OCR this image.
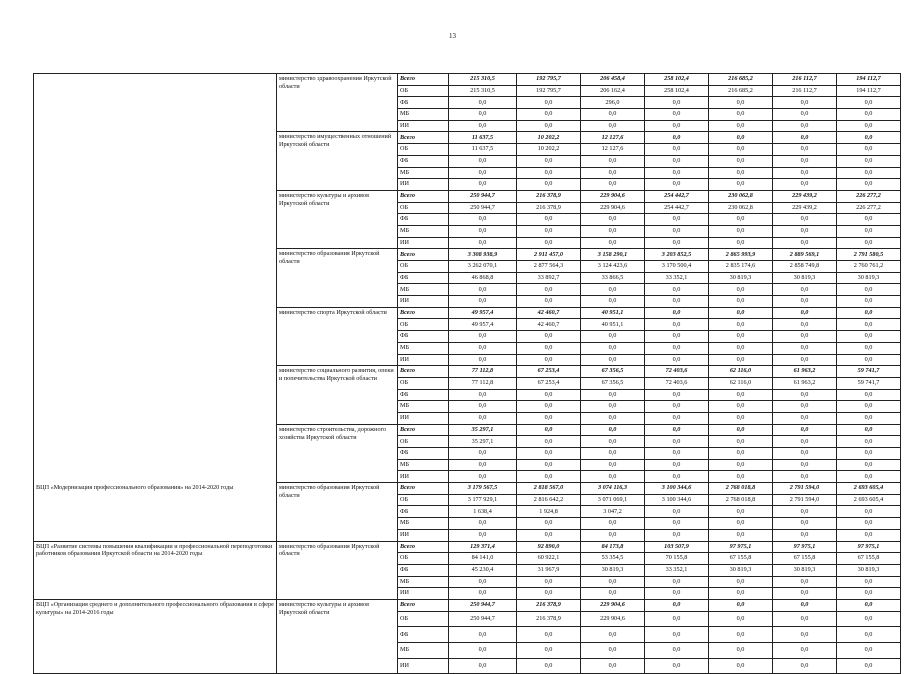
13
	министерство здравоохранения Иркутской области	Всего	215 310,5	192 795,7	206 458,4	258 102,4	216 685,2	216 112,7	194 112,7
		ОБ	215 310,5	192 795,7	206 162,4	258 102,4	216 685,2	216 112,7	194 112,7
		ФБ	0,0	0,0	296,0	0,0	0,0	0,0	0,0
		МБ	0,0	0,0	0,0	0,0	0,0	0,0	0,0
		ИИ	0,0	0,0	0,0	0,0	0,0	0,0	0,0
	министерство имущественных отношений Иркутской области	Всего	11 637,5	10 202,2	12 127,6	0,0	0,0	0,0	0,0
		ОБ	11 637,5	10 202,2	12 127,6	0,0	0,0	0,0	0,0
		ФБ	0,0	0,0	0,0	0,0	0,0	0,0	0,0
		МБ	0,0	0,0	0,0	0,0	0,0	0,0	0,0
		ИИ	0,0	0,0	0,0	0,0	0,0	0,0	0,0
	министерство культуры и архивов Иркутской области	Всего	250 944,7	216 378,9	229 904,6	254 442,7	230 062,8	229 439,2	226 277,2
		ОБ	250 944,7	216 378,9	229 904,6	254 442,7	230 062,8	229 439,2	226 277,2
		ФБ	0,0	0,0	0,0	0,0	0,0	0,0	0,0
		МБ	0,0	0,0	0,0	0,0	0,0	0,0	0,0
		ИИ	0,0	0,0	0,0	0,0	0,0	0,0	0,0
	министерство образования Иркутской области	Всего	3 308 938,9	2 911 457,0	3 158 290,1	3 203 852,5	2 865 993,9	2 889 569,1	2 791 580,5
		ОБ	3 262 070,1	2 877 564,3	3 124 423,6	3 170 500,4	2 835 174,6	2 858 749,8	2 760 761,2
		ФБ	46 868,8	33 892,7	33 866,5	33 352,1	30 819,3	30 819,3	30 819,3
		МБ	0,0	0,0	0,0	0,0	0,0	0,0	0,0
		ИИ	0,0	0,0	0,0	0,0	0,0	0,0	0,0
	министерство спорта Иркутской области	Всего	49 957,4	42 460,7	40 951,1	0,0	0,0	0,0	0,0
		ОБ	49 957,4	42 460,7	40 951,1	0,0	0,0	0,0	0,0
		ФБ	0,0	0,0	0,0	0,0	0,0	0,0	0,0
		МБ	0,0	0,0	0,0	0,0	0,0	0,0	0,0
		ИИ	0,0	0,0	0,0	0,0	0,0	0,0	0,0
	министерство социального развития, опеки и попечительства Иркутской области	Всего	77 112,8	67 253,4	67 356,5	72 403,6	62 116,0	61 963,2	59 741,7
		ОБ	77 112,8	67 253,4	67 356,5	72 403,6	62 116,0	61 963,2	59 741,7
		ФБ	0,0	0,0	0,0	0,0	0,0	0,0	0,0
		МБ	0,0	0,0	0,0	0,0	0,0	0,0	0,0
		ИИ	0,0	0,0	0,0	0,0	0,0	0,0	0,0
	министерство строительства, дорожного хозяйства Иркутской области	Всего	35 297,1	0,0	0,0	0,0	0,0	0,0	0,0
		ОБ	35 297,1	0,0	0,0	0,0	0,0	0,0	0,0
		ФБ	0,0	0,0	0,0	0,0	0,0	0,0	0,0
		МБ	0,0	0,0	0,0	0,0	0,0	0,0	0,0
		ИИ	0,0	0,0	0,0	0,0	0,0	0,0	0,0
ВЦП «Модернизация профессионального образования» на 2014-2020 годы	министерство образования Иркутской области	Всего	3 179 567,5	2 818 567,0	3 074 116,3	3 100 344,6	2 768 018,8	2 791 594,0	2 693 605,4
		ОБ	3 177 929,1	2 816 642,2	3 071 069,1	3 100 344,6	2 768 018,8	2 791 594,0	2 693 605,4
		ФБ	1 638,4	1 924,8	3 047,2	0,0	0,0	0,0	0,0
		МБ	0,0	0,0	0,0	0,0	0,0	0,0	0,0
		ИИ	0,0	0,0	0,0	0,0	0,0	0,0	0,0
ВЦП «Развитие системы повышения квалификации и профессиональной переподготовки работников образования Иркутской области на 2014-2020 годы	министерство образования Иркутской области	Всего	129 371,4	92 890,0	84 173,8	103 507,9	97 975,1	97 975,1	97 975,1
		ОБ	84 141,0	60 922,1	53 354,5	70 155,8	67 155,8	67 155,8	67 155,8
		ФБ	45 230,4	31 967,9	30 819,3	33 352,1	30 819,3	30 819,3	30 819,3
		МБ	0,0	0,0	0,0	0,0	0,0	0,0	0,0
		ИИ	0,0	0,0	0,0	0,0	0,0	0,0	0,0
ВЦП «Организация среднего и дополнительного профессионального образования в сфере культуры» на 2014-2016 годы	министерство культуры и архивов Иркутской области	Всего	250 944,7	216 378,9	229 904,6	0,0	0,0	0,0	0,0
		ОБ	250 944,7	216 378,9	229 904,6	0,0	0,0	0,0	0,0
		ФБ	0,0	0,0	0,0	0,0	0,0	0,0	0,0
		МБ	0,0	0,0	0,0	0,0	0,0	0,0	0,0
		ИИ	0,0	0,0	0,0	0,0	0,0	0,0	0,0
